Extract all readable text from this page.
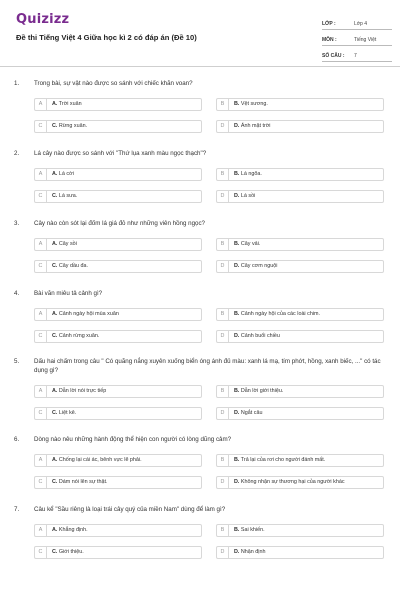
Quizizz
Đề thi Tiếng Việt 4 Giữa học kì 2 có đáp án (Đề 10)
LỚP :	Lớp 4
MÔN :	Tiếng Việt
SỐ CÂU :	7
1. Trong bài, sự vật nào được so sánh với chiếc khăn voan?
A	A. Trời xuân	B	B. Vệt sương.
C	C. Rừng xuân.	D	D. Ánh mặt trời
2. Lá cây nào được so sánh với "Thứ lụa xanh màu ngọc thạch"?
A	A. Lá cời	B	B. Lá ngõa.
C	C. Lá sưa.	D	D. Lá sồi
3. Cây nào còn sót lại đốm lá giá đỏ như những viên hồng ngọc?
A	A. Cây sồi	B	B. Cây vải.
C	C. Cây dầu đa.	D	D. Cây cơm nguội
4. Bài văn miêu tả cảnh gì?
A	A. Cảnh ngày hội mùa xuân	B	B. Cảnh ngày hội của các loài chim.
C	C. Cảnh rừng xuân.	D	D. Cảnh buổi chiều
5. Dấu hai chấm trong câu " Có quãng nắng xuyên xuống biển óng ánh đủ màu: xanh lá mạ, tím phớt, hồng, xanh biếc, ..." có tác dụng gì?
A	A. Dẫn lời nói trực tiếp	B	B. Dẫn lời giới thiệu.
C	C. Liệt kê.	D	D. Ngắt câu
6. Dòng nào nêu những hành động thể hiện con người có lòng dũng cảm?
A	A. Chống lại cái ác, bênh vực lẽ phải.	B	B. Trả lại của rơi cho người đánh mất.
C	C. Dám nói lên sự thật.	D	D. Không nhận sự thương hại của người khác
7. Câu kể "Sầu riêng là loại trái cây quý của miền Nam" dùng để làm gì?
A	A. Khẳng định.	B	B. Sai khiến.
C	C. Giới thiệu.	D	D. Nhận định
